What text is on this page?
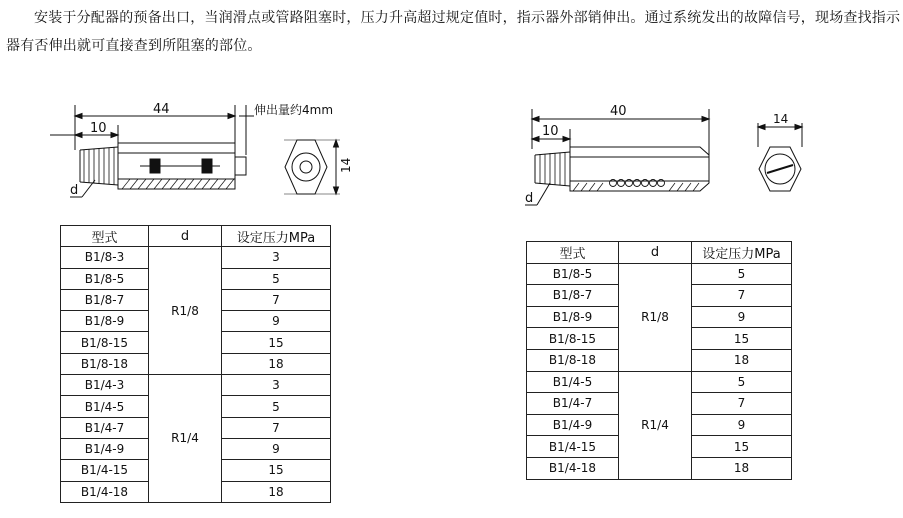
安装于分配器的预备出口，当润滑点或管路阻塞时，压力升高超过规定值时，指示器外部销伸出。通过系统发出的故障信号，现场查找指示器有否伸出就可直接查到所阻塞的部位。

44
10
伸出量约4mm
14
d
40
10
14
d
型式	d	设定压力MPa
B1/8-3	R1/8	3
B1/8-5		5
B1/8-7		7
B1/8-9		9
B1/8-15		15
B1/8-18		18
B1/4-3	R1/4	3
B1/4-5		5
B1/4-7		7
B1/4-9		9
B1/4-15		15
B1/4-18		18
型式	d	设定压力MPa
B1/8-5	R1/8	5
B1/8-7		7
B1/8-9		9
B1/8-15		15
B1/8-18		18
B1/4-5	R1/4	5
B1/4-7		7
B1/4-9		9
B1/4-15		15
B1/4-18		18
